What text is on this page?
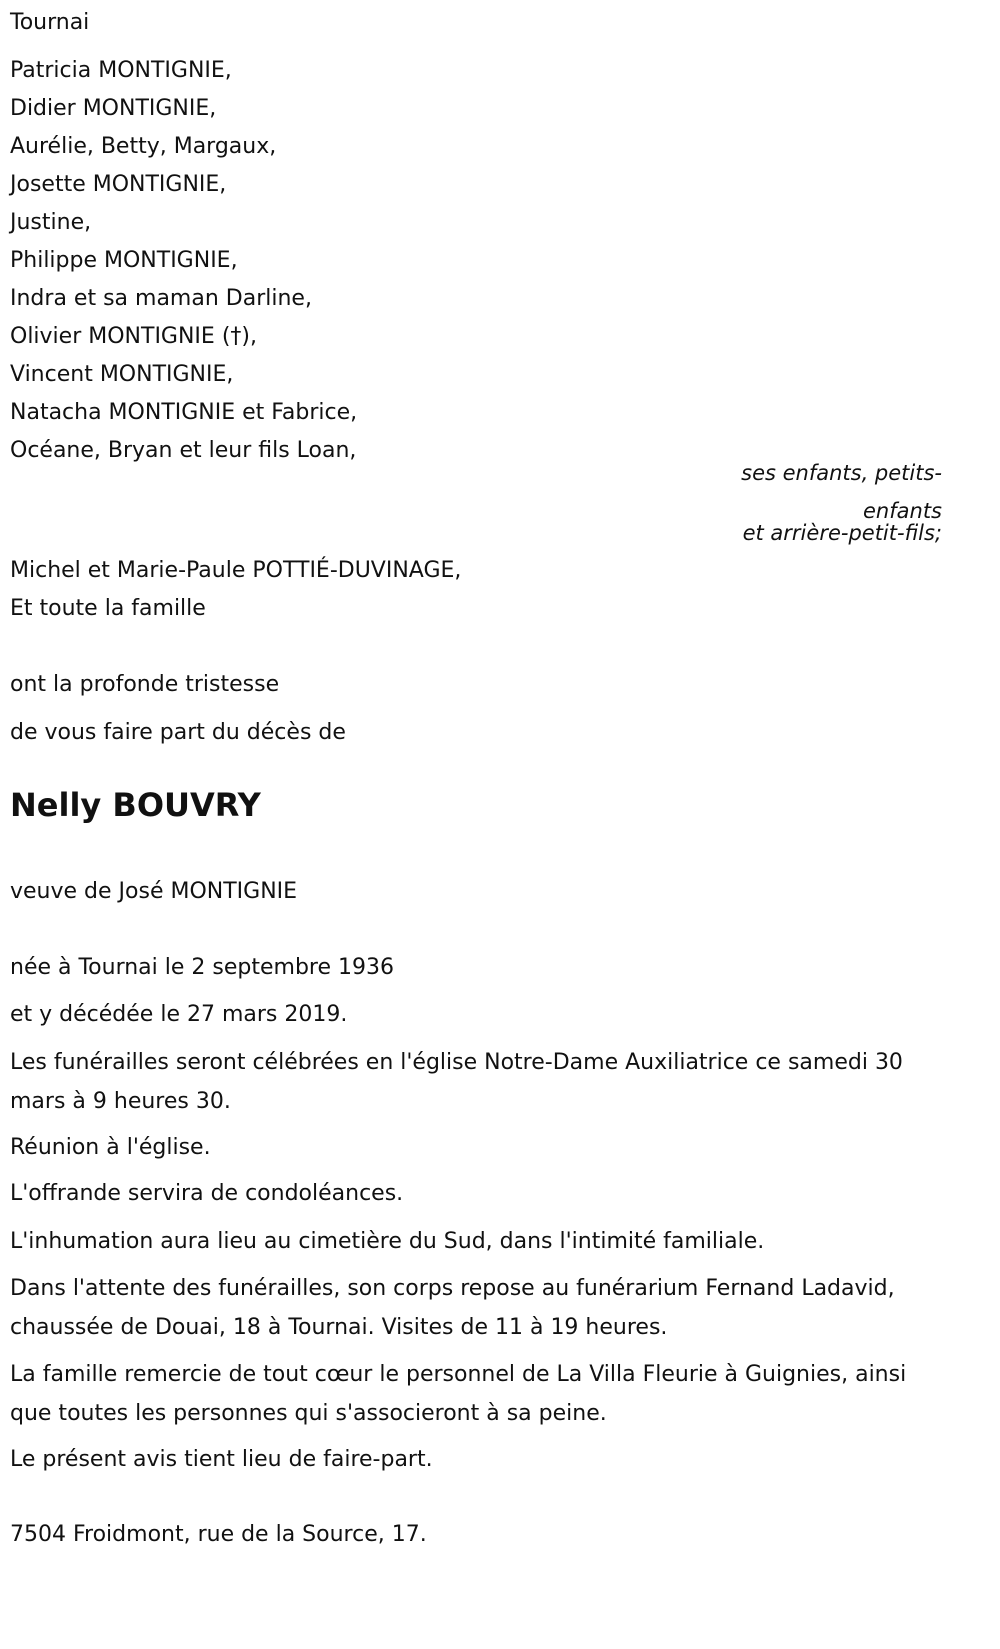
Tournai

Patricia MONTIGNIE,

Didier MONTIGNIE,

Aurélie, Betty, Margaux,

Josette MONTIGNIE,

Justine,

Philippe MONTIGNIE,

Indra et sa maman Darline,

Olivier MONTIGNIE (†),

Vincent MONTIGNIE,

Natacha MONTIGNIE et Fabrice,

Océane, Bryan et leur fils Loan,

ses enfants, petits-

enfants

et arrière-petit-fils;

Michel et Marie-Paule POTTIÉ-DUVINAGE,

Et toute la famille

ont la profonde tristesse

de vous faire part du décès de

Nelly BOUVRY

veuve de José MONTIGNIE

née à Tournai le 2 septembre 1936

et y décédée le 27 mars 2019.

Les funérailles seront célébrées en l'église Notre-Dame Auxiliatrice ce samedi 30 mars à 9 heures 30.

Réunion à l'église.

L'offrande servira de condoléances.

L'inhumation aura lieu au cimetière du Sud, dans l'intimité familiale.

Dans l'attente des funérailles, son corps repose au funérarium Fernand Ladavid, chaussée de Douai, 18 à Tournai. Visites de 11 à 19 heures.

La famille remercie de tout cœur le personnel de La Villa Fleurie à Guignies, ainsi que toutes les personnes qui s'associeront à sa peine.

Le présent avis tient lieu de faire-part.

7504 Froidmont, rue de la Source, 17.
